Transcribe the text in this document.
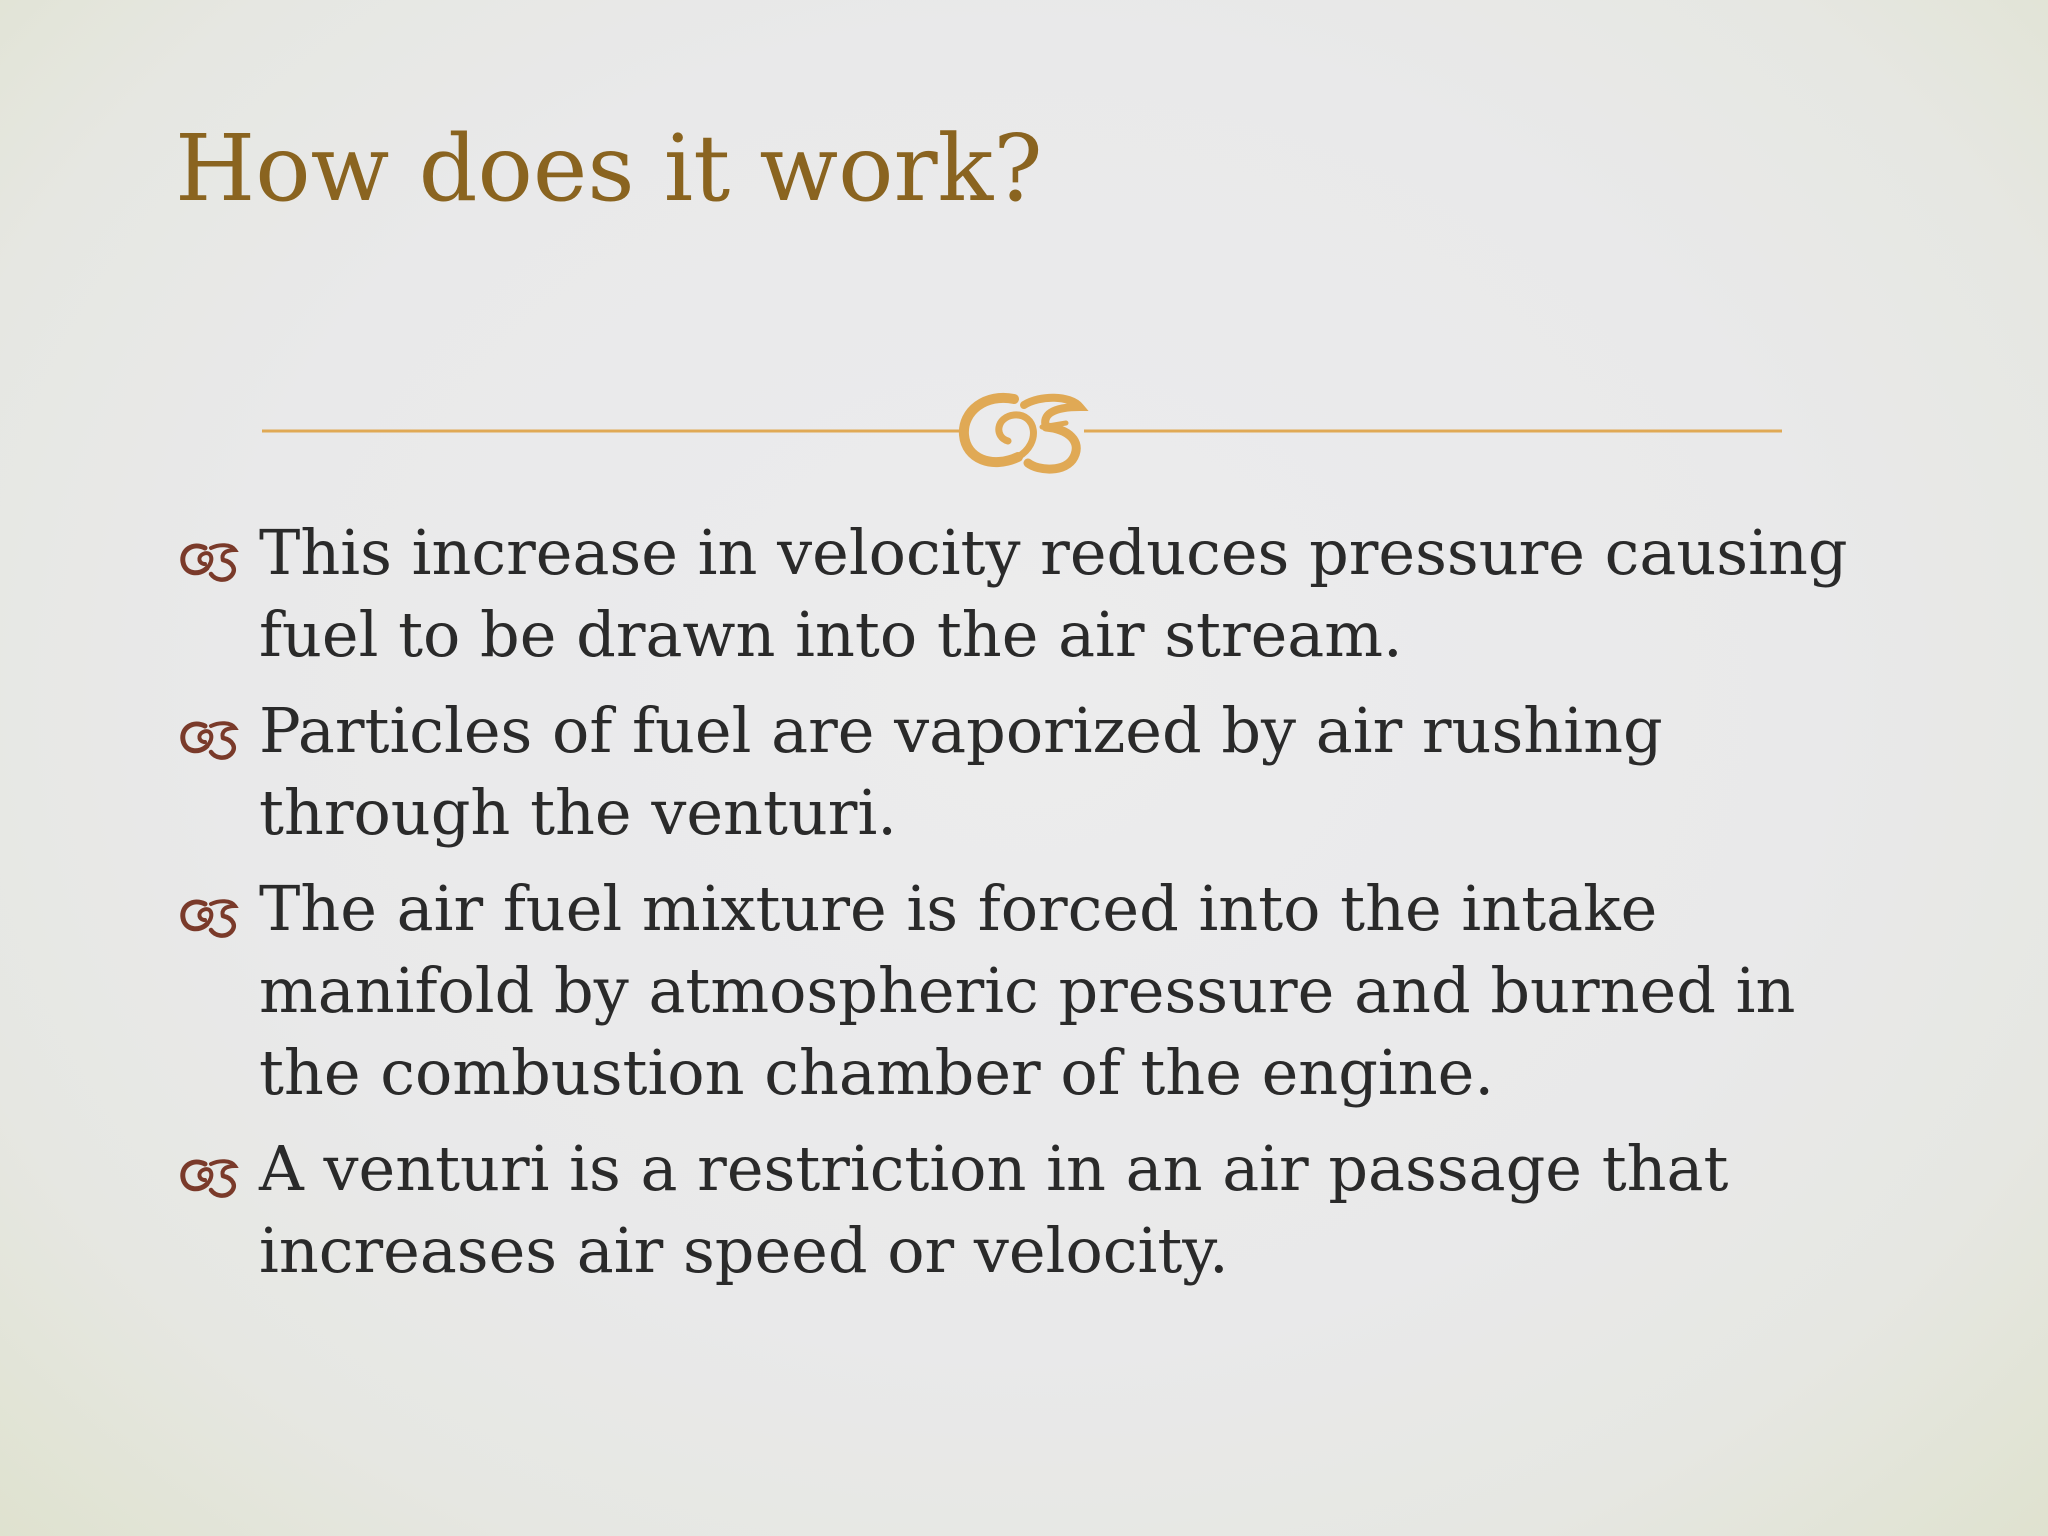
How does it work?
This increase in velocity reduces pressure causing fuel to be drawn into the air stream.
Particles of fuel are vaporized by air rushing through the venturi.
The air fuel mixture is forced into the intake manifold by atmospheric pressure and burned in the combustion chamber of the engine.
A venturi is a restriction in an air passage that increases air speed or velocity.
